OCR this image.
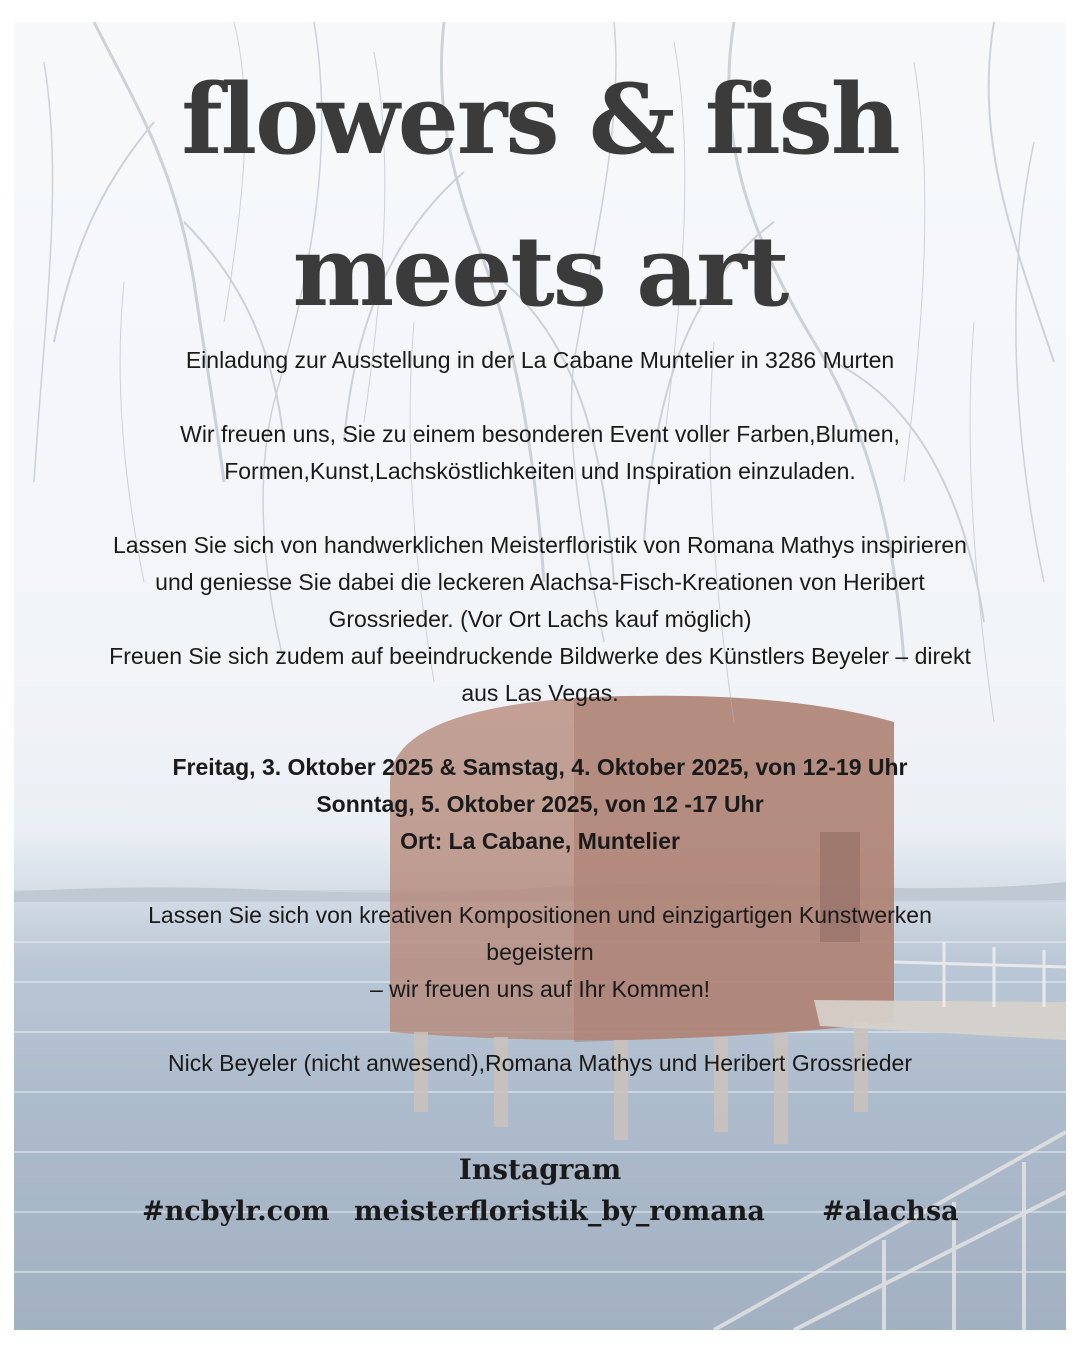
flowers & fish
meets art
Einladung zur Ausstellung in der La Cabane Muntelier in 3286 Murten
Wir freuen uns, Sie zu einem besonderen Event voller Farben,Blumen,
Formen,Kunst,Lachsköstlichkeiten und Inspiration einzuladen.
Lassen Sie sich von handwerklichen Meisterfloristik von Romana Mathys inspirieren
und geniesse Sie dabei die leckeren Alachsa-Fisch-Kreationen von Heribert
Grossrieder. (Vor Ort Lachs kauf möglich)
Freuen Sie sich zudem auf beeindruckende Bildwerke des Künstlers Beyeler – direkt
aus Las Vegas.
Freitag, 3. Oktober 2025 & Samstag, 4. Oktober 2025, von 12-19 Uhr
Sonntag, 5. Oktober 2025, von 12 -17 Uhr
Ort: La Cabane, Muntelier
Lassen Sie sich von kreativen Kompositionen und einzigartigen Kunstwerken
begeistern
– wir freuen uns auf Ihr Kommen!
Nick Beyeler (nicht anwesend),Romana Mathys und Heribert Grossrieder
Instagram
#ncbylr.com meisterfloristik_by_romana #alachsa
